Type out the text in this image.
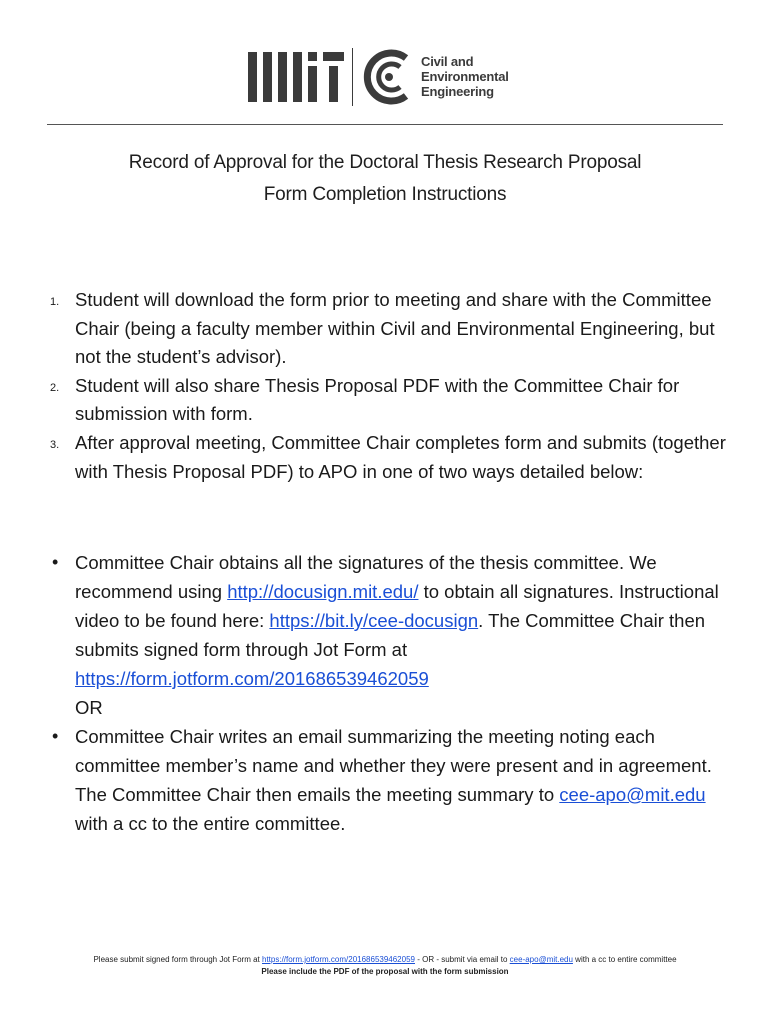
Civil and
Environmental
Engineering
Record of Approval for the Doctoral Thesis Research Proposal
Form Completion Instructions
1. Student will download the form prior to meeting and share with the Committee Chair (being a faculty member within Civil and Environmental Engineering, but not the student’s advisor).
2. Student will also share Thesis Proposal PDF with the Committee Chair for submission with form.
3. After approval meeting, Committee Chair completes form and submits (together with Thesis Proposal PDF) to APO in one of two ways detailed below:
• Committee Chair obtains all the signatures of the thesis committee. We recommend using http://docusign.mit.edu/ to obtain all signatures. Instructional video to be found here: https://bit.ly/cee-docusign. The Committee Chair then submits signed form through Jot Form at https://form.jotform.com/201686539462059
OR
• Committee Chair writes an email summarizing the meeting noting each committee member’s name and whether they were present and in agreement. The Committee Chair then emails the meeting summary to cee-apo@mit.edu with a cc to the entire committee.
Please submit signed form through Jot Form at https://form.jotform.com/201686539462059 - OR - submit via email to cee-apo@mit.edu with a cc to entire committee
Please include the PDF of the proposal with the form submission
